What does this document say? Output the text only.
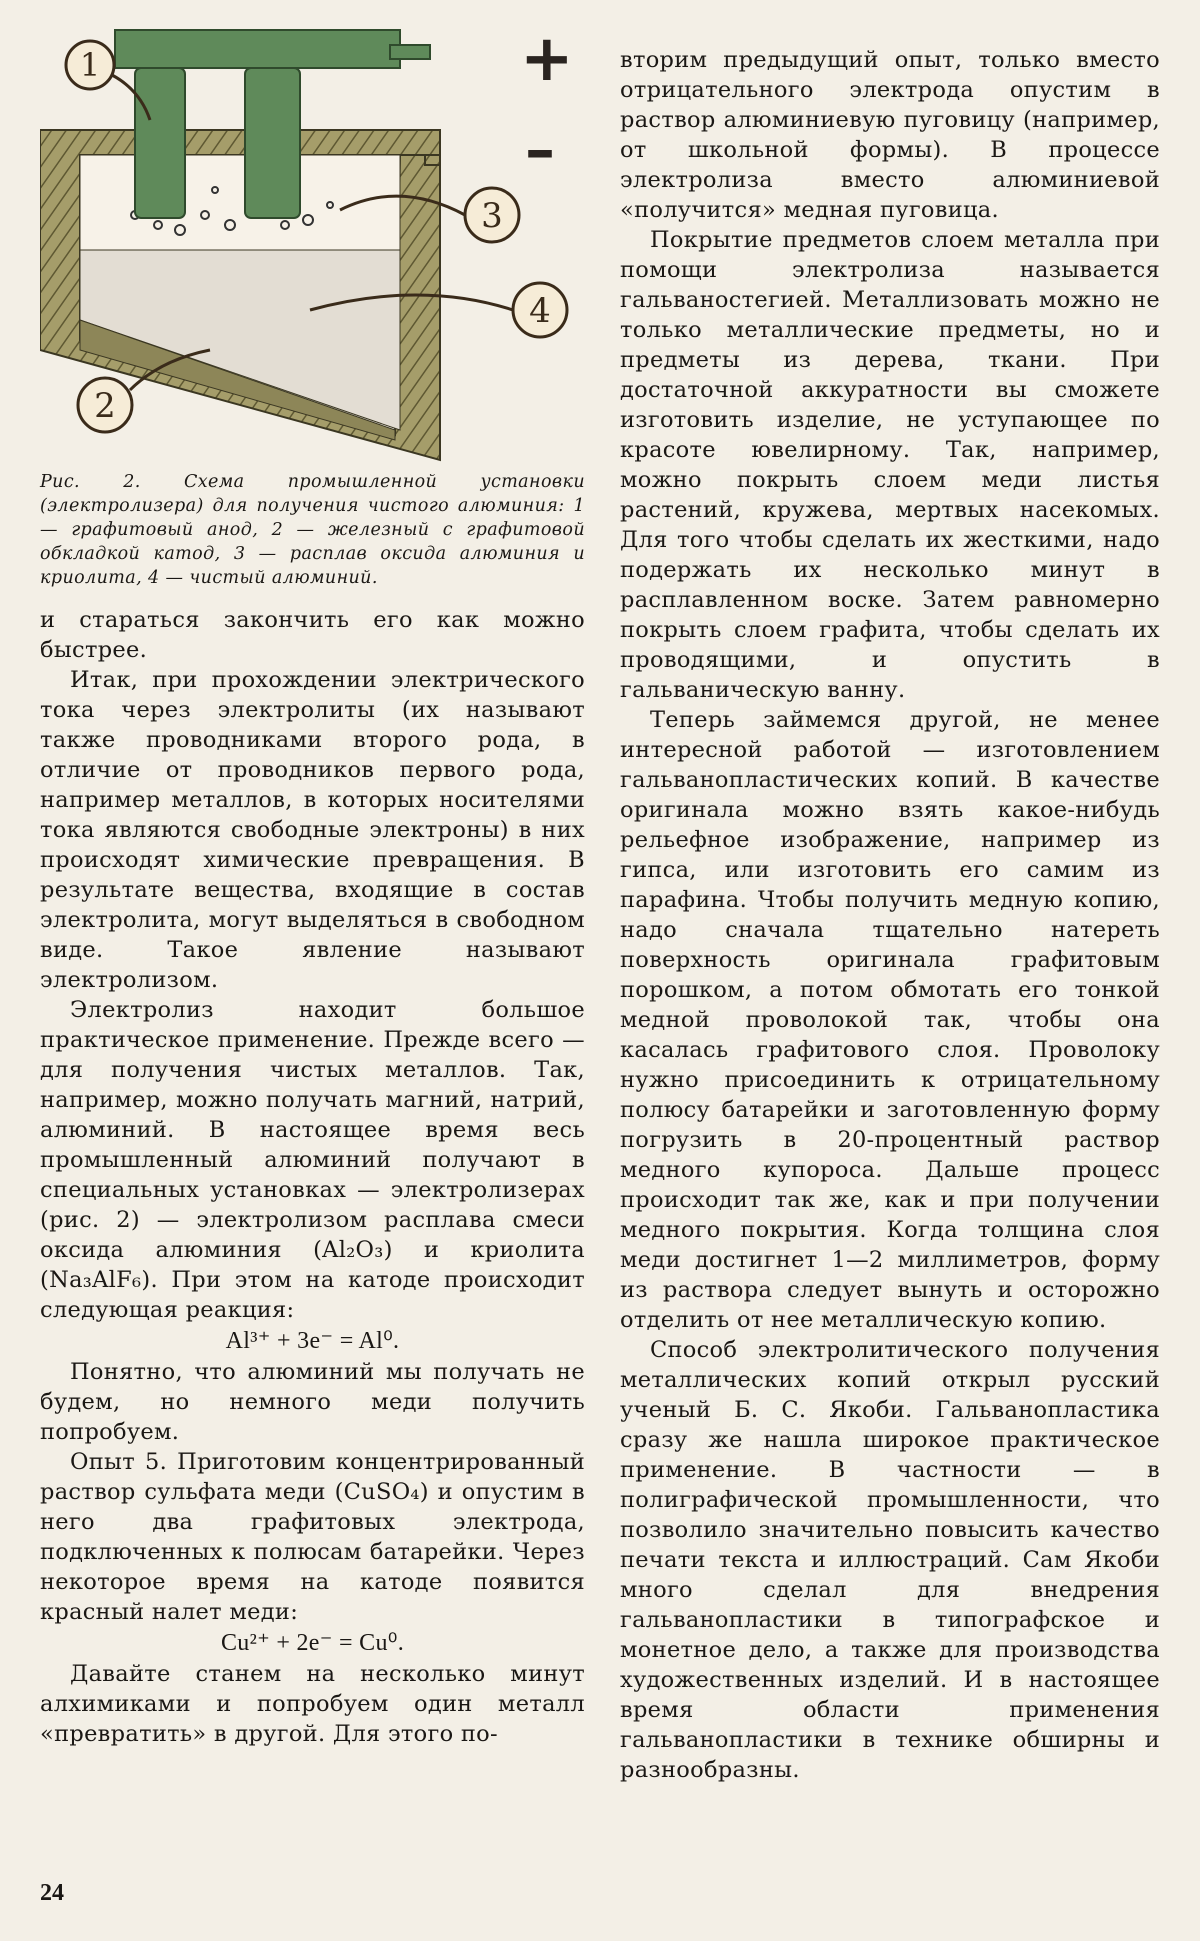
1
3
4
2
+
–
Рис. 2. Схема промышленной установки (электролизера) для получения чистого алюминия: 1 — графитовый анод, 2 — железный с графитовой обкладкой катод, 3 — расплав оксида алюминия и криолита, 4 — чистый алюминий.

и стараться закончить его как можно быстрее.

Итак, при прохождении электрического тока через электролиты (их называют также проводниками второго рода, в отличие от проводников первого рода, например металлов, в которых носителями тока являются свободные электроны) в них происходят химические превращения. В результате вещества, входящие в состав электролита, могут выделяться в свободном виде. Такое явление называют электролизом.

Электролиз находит большое практическое применение. Прежде всего — для получения чистых металлов. Так, например, можно получать магний, натрий, алюминий. В настоящее время весь промышленный алюминий получают в специальных установках — электролизерах (рис. 2) — электролизом расплава смеси оксида алюминия (Al₂O₃) и криолита (Na₃AlF₆). При этом на катоде происходит следующая реакция:

Al³⁺ + 3e⁻ = Al⁰.

Понятно, что алюминий мы получать не будем, но немного меди получить попробуем.

Опыт 5. Приготовим концентрированный раствор сульфата меди (CuSO₄) и опустим в него два графитовых электрода, подключенных к полюсам батарейки. Через некоторое время на катоде появится красный налет меди:

Cu²⁺ + 2e⁻ = Cu⁰.

Давайте станем на несколько минут алхимиками и попробуем один металл «превратить» в другой. Для этого по-

вторим предыдущий опыт, только вместо отрицательного электрода опустим в раствор алюминиевую пуговицу (например, от школьной формы). В процессе электролиза вместо алюминиевой «получится» медная пуговица.

Покрытие предметов слоем металла при помощи электролиза называется гальваностегией. Металлизовать можно не только металлические предметы, но и предметы из дерева, ткани. При достаточной аккуратности вы сможете изготовить изделие, не уступающее по красоте ювелирному. Так, например, можно покрыть слоем меди листья растений, кружева, мертвых насекомых. Для того чтобы сделать их жесткими, надо подержать их несколько минут в расплавленном воске. Затем равномерно покрыть слоем графита, чтобы сделать их проводящими, и опустить в гальваническую ванну.

Теперь займемся другой, не менее интересной работой — изготовлением гальванопластических копий. В качестве оригинала можно взять какое-нибудь рельефное изображение, например из гипса, или изготовить его самим из парафина. Чтобы получить медную копию, надо сначала тщательно натереть поверхность оригинала графитовым порошком, а потом обмотать его тонкой медной проволокой так, чтобы она касалась графитового слоя. Проволоку нужно присоединить к отрицательному полюсу батарейки и заготовленную форму погрузить в 20-процентный раствор медного купороса. Дальше процесс происходит так же, как и при получении медного покрытия. Когда толщина слоя меди достигнет 1—2 миллиметров, форму из раствора следует вынуть и осторожно отделить от нее металлическую копию.

Способ электролитического получения металлических копий открыл русский ученый Б. С. Якоби. Гальванопластика сразу же нашла широкое практическое применение. В частности — в полиграфической промышленности, что позволило значительно повысить качество печати текста и иллюстраций. Сам Якоби много сделал для внедрения гальванопластики в типографское и монетное дело, а также для производства художественных изделий. И в настоящее время области применения гальванопластики в технике обширны и разнообразны.

24
